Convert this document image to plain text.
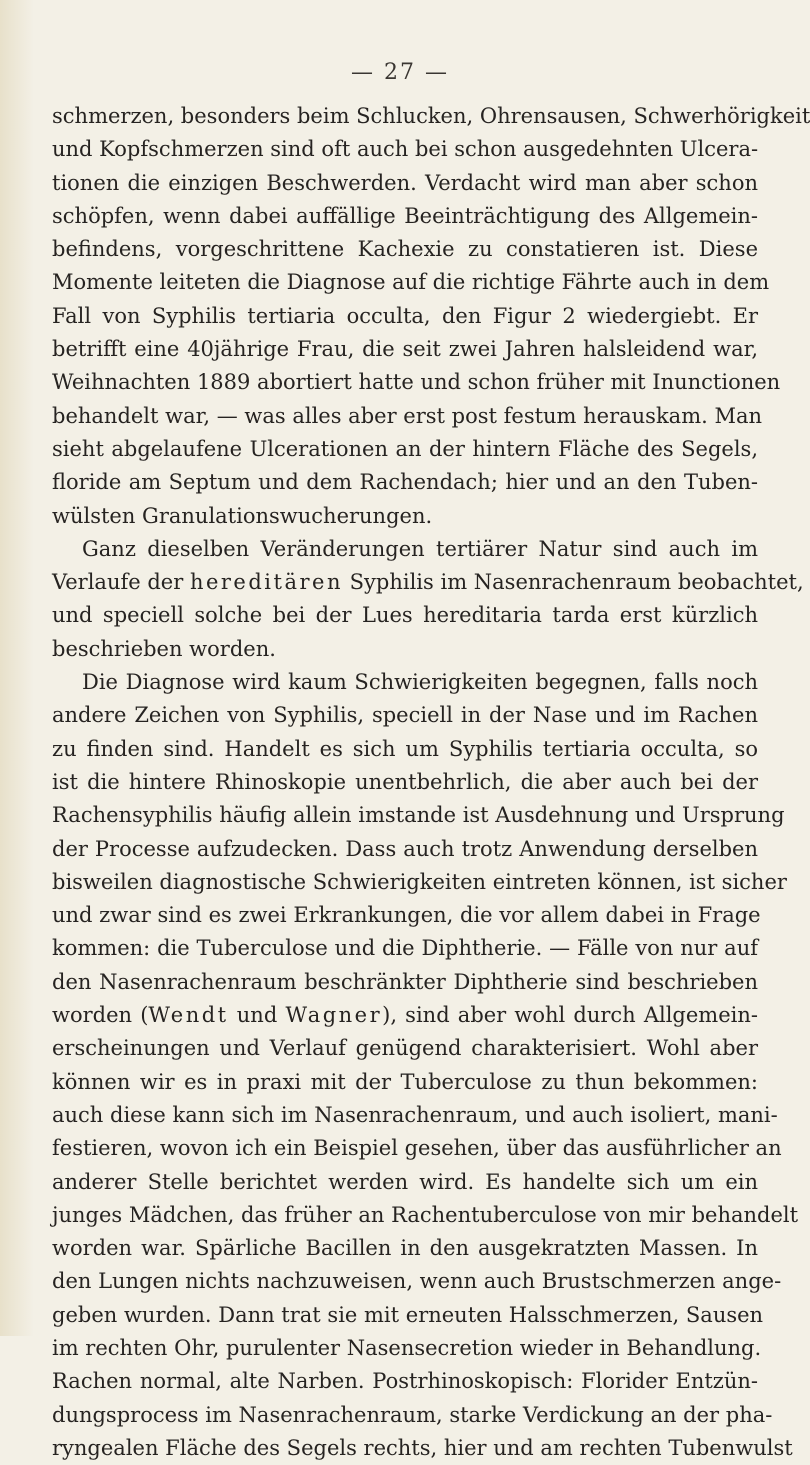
— 27 —
schmerzen, besonders beim Schlucken, Ohrensausen, Schwerhörigkeit
und Kopfschmerzen sind oft auch bei schon ausgedehnten Ulcera-
tionen die einzigen Beschwerden. Verdacht wird man aber schon
schöpfen, wenn dabei auffällige Beeinträchtigung des Allgemein-
befindens, vorgeschrittene Kachexie zu constatieren ist. Diese
Momente leiteten die Diagnose auf die richtige Fährte auch in dem
Fall von Syphilis tertiaria occulta, den Figur 2 wiedergiebt. Er
betrifft eine 40jährige Frau, die seit zwei Jahren halsleidend war,
Weihnachten 1889 abortiert hatte und schon früher mit Inunctionen
behandelt war, — was alles aber erst post festum herauskam. Man
sieht abgelaufene Ulcerationen an der hintern Fläche des Segels,
floride am Septum und dem Rachendach; hier und an den Tuben-
wülsten Granulationswucherungen.
Ganz dieselben Veränderungen tertiärer Natur sind auch im
Verlaufe der hereditären Syphilis im Nasenrachenraum beobachtet,
und speciell solche bei der Lues hereditaria tarda erst kürzlich
beschrieben worden.
Die Diagnose wird kaum Schwierigkeiten begegnen, falls noch
andere Zeichen von Syphilis, speciell in der Nase und im Rachen
zu finden sind. Handelt es sich um Syphilis tertiaria occulta, so
ist die hintere Rhinoskopie unentbehrlich, die aber auch bei der
Rachensyphilis häufig allein imstande ist Ausdehnung und Ursprung
der Processe aufzudecken. Dass auch trotz Anwendung derselben
bisweilen diagnostische Schwierigkeiten eintreten können, ist sicher
und zwar sind es zwei Erkrankungen, die vor allem dabei in Frage
kommen: die Tuberculose und die Diphtherie. — Fälle von nur auf
den Nasenrachenraum beschränkter Diphtherie sind beschrieben
worden (Wendt und Wagner), sind aber wohl durch Allgemein-
erscheinungen und Verlauf genügend charakterisiert. Wohl aber
können wir es in praxi mit der Tuberculose zu thun bekommen:
auch diese kann sich im Nasenrachenraum, und auch isoliert, mani-
festieren, wovon ich ein Beispiel gesehen, über das ausführlicher an
anderer Stelle berichtet werden wird. Es handelte sich um ein
junges Mädchen, das früher an Rachentuberculose von mir behandelt
worden war. Spärliche Bacillen in den ausgekratzten Massen. In
den Lungen nichts nachzuweisen, wenn auch Brustschmerzen ange-
geben wurden. Dann trat sie mit erneuten Halsschmerzen, Sausen
im rechten Ohr, purulenter Nasensecretion wieder in Behandlung.
Rachen normal, alte Narben. Postrhinoskopisch: Florider Entzün-
dungsprocess im Nasenrachenraum, starke Verdickung an der pha-
ryngealen Fläche des Segels rechts, hier und am rechten Tubenwulst
